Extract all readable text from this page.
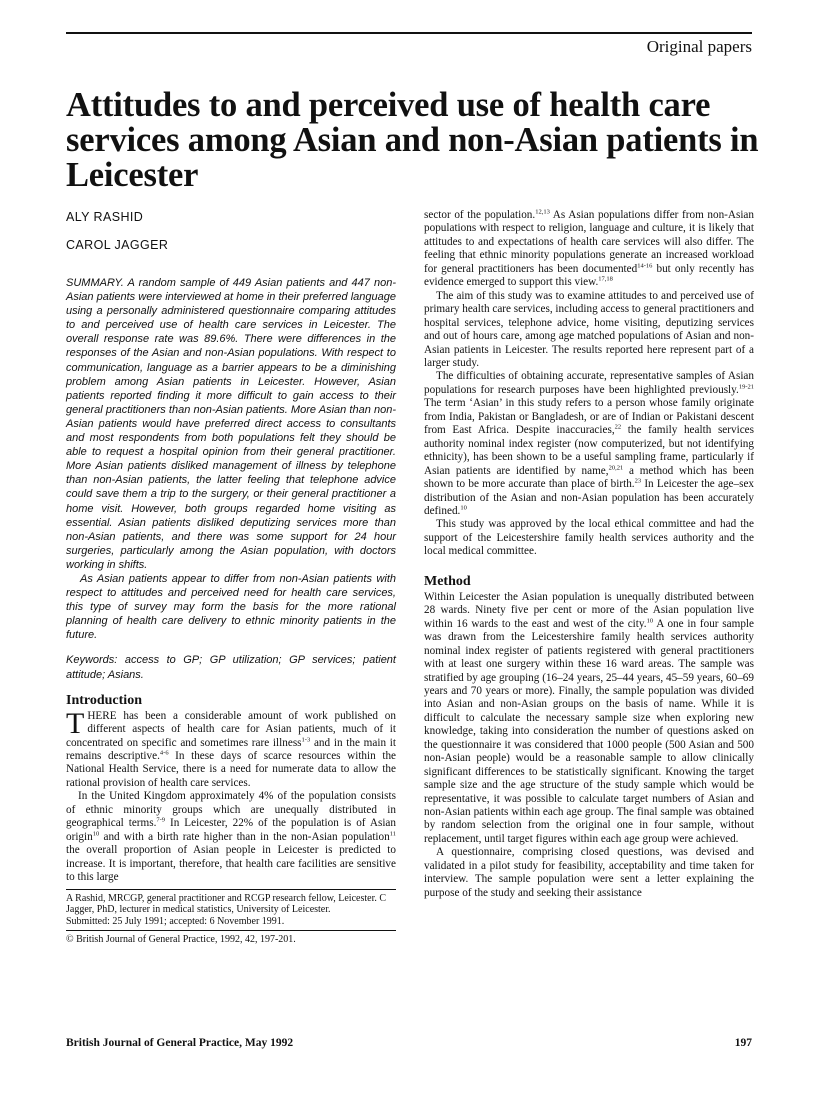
Original papers
Attitudes to and perceived use of health care services among Asian and non-Asian patients in Leicester
ALY RASHID
CAROL JAGGER

SUMMARY. A random sample of 449 Asian patients and 447 non-Asian patients were interviewed at home in their preferred language using a personally administered questionnaire comparing attitudes to and perceived use of health care services in Leicester. The overall response rate was 89.6%. There were differences in the responses of the Asian and non-Asian populations. With respect to communication, language as a barrier appears to be a diminishing problem among Asian patients in Leicester. However, Asian patients reported finding it more difficult to gain access to their general practitioners than non-Asian patients. More Asian than non-Asian patients would have preferred direct access to consultants and most respondents from both populations felt they should be able to request a hospital opinion from their general practitioner. More Asian patients disliked management of illness by telephone than non-Asian patients, the latter feeling that telephone advice could save them a trip to the surgery, or their general practitioner a home visit. However, both groups regarded home visiting as essential. Asian patients disliked deputizing services more than non-Asian patients, and there was some support for 24 hour surgeries, particularly among the Asian population, with doctors working in shifts.

As Asian patients appear to differ from non-Asian patients with respect to attitudes and perceived need for health care services, this type of survey may form the basis for the more rational planning of health care delivery to ethnic minority patients in the future.

Keywords: access to GP; GP utilization; GP services; patient attitude; Asians.

Introduction

THERE has been a considerable amount of work published on different aspects of health care for Asian patients, much of it concentrated on specific and sometimes rare illness$^{1-3}$ and in the main it remains descriptive.$^{4-6}$ In these days of scarce resources within the National Health Service, there is a need for numerate data to allow the rational provision of health care services.

In the United Kingdom approximately 4% of the population consists of ethnic minority groups which are unequally distributed in geographical terms.$^{7-9}$ In Leicester, 22% of the population is of Asian origin$^{10}$ and with a birth rate higher than in the non-Asian population$^{11}$ the overall proportion of Asian people in Leicester is predicted to increase. It is important, therefore, that health care facilities are sensitive to this large

A Rashid, MRCGP, general practitioner and RCGP research fellow, Leicester. C Jagger, PhD, lecturer in medical statistics, University of Leicester.

Submitted: 25 July 1991; accepted: 6 November 1991.

© British Journal of General Practice, 1992, 42, 197-201.

sector of the population.$^{12,13}$ As Asian populations differ from non-Asian populations with respect to religion, language and culture, it is likely that attitudes to and expectations of health care services will also differ. The feeling that ethnic minority populations generate an increased workload for general practitioners has been documented$^{14-16}$ but only recently has evidence emerged to support this view.$^{17,18}$

The aim of this study was to examine attitudes to and perceived use of primary health care services, including access to general practitioners and hospital services, telephone advice, home visiting, deputizing services and out of hours care, among age matched populations of Asian and non-Asian patients in Leicester. The results reported here represent part of a larger study.

The difficulties of obtaining accurate, representative samples of Asian populations for research purposes have been highlighted previously.$^{19-21}$ The term ‘Asian’ in this study refers to a person whose family originate from India, Pakistan or Bangladesh, or are of Indian or Pakistani descent from East Africa. Despite inaccuracies,$^{22}$ the family health services authority nominal index register (now computerized, but not identifying ethnicity), has been shown to be a useful sampling frame, particularly if Asian patients are identified by name,$^{20,21}$ a method which has been shown to be more accurate than place of birth.$^{23}$ In Leicester the age–sex distribution of the Asian and non-Asian population has been accurately defined.$^{10}$

This study was approved by the local ethical committee and had the support of the Leicestershire family health services authority and the local medical committee.

Method

Within Leicester the Asian population is unequally distributed between 28 wards. Ninety five per cent or more of the Asian population live within 16 wards to the east and west of the city.$^{10}$ A one in four sample was drawn from the Leicestershire family health services authority nominal index register of patients registered with general practitioners with at least one surgery within these 16 ward areas. The sample was stratified by age grouping (16–24 years, 25–44 years, 45–59 years, 60–69 years and 70 years or more). Finally, the sample population was divided into Asian and non-Asian groups on the basis of name. While it is difficult to calculate the necessary sample size when exploring new knowledge, taking into consideration the number of questions asked on the questionnaire it was considered that 1000 people (500 Asian and 500 non-Asian people) would be a reasonable sample to allow clinically significant differences to be statistically significant. Knowing the target sample size and the age structure of the study sample which would be representative, it was possible to calculate target numbers of Asian and non-Asian patients within each age group. The final sample was obtained by random selection from the original one in four sample, without replacement, until target figures within each age group were achieved.

A questionnaire, comprising closed questions, was devised and validated in a pilot study for feasibility, acceptability and time taken for interview. The sample population were sent a letter explaining the purpose of the study and seeking their assistance

British Journal of General Practice, May 1992	197
